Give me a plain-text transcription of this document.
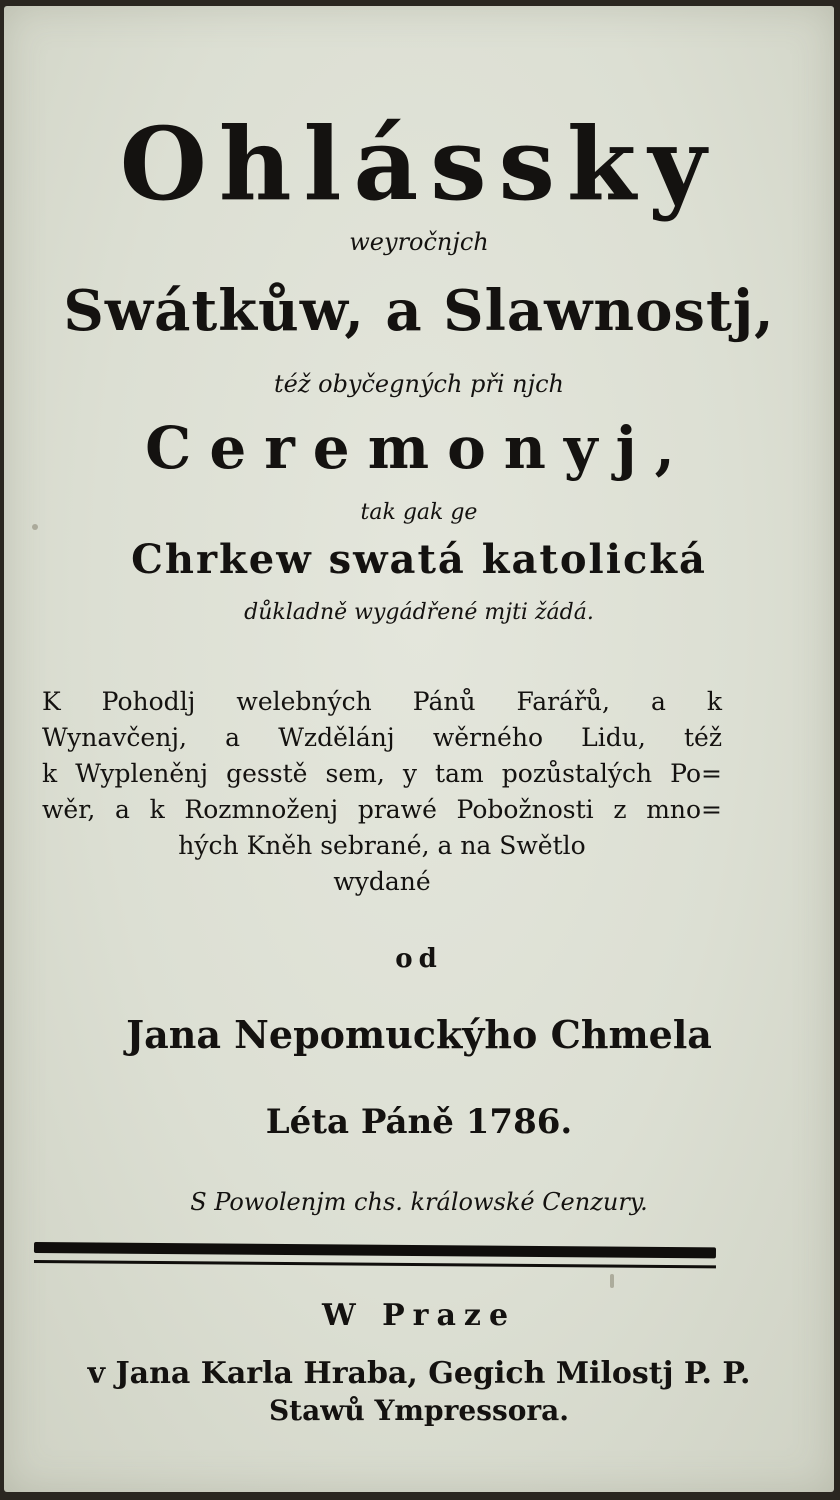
Ohlássky
weyročnjch
Swátkůw, a Slawnostj,
též obyčegných při njch
Ceremonyj,
tak gak ge
Chrkew swatá katolická
důkladně wygádřené mjti žádá.
K Pohodlj welebných Pánů Farářů, a k
Wynavčenj, a Wzdělánj wěrného Lidu, též
k Wypleněnj gesstě sem, y tam pozůstalých Po=
wěr, a k Rozmnoženj prawé Pobožnosti z mno=
hých Kněh sebrané, a na Swětlo
wydané
od
Jana Nepomuckýho Chmela
Léta Páně 1786.
S Powolenjm chs. králowské Cenzury.
W Praze
v Jana Karla Hraba, Gegich Milostj P. P.
Stawů Ympressora.
